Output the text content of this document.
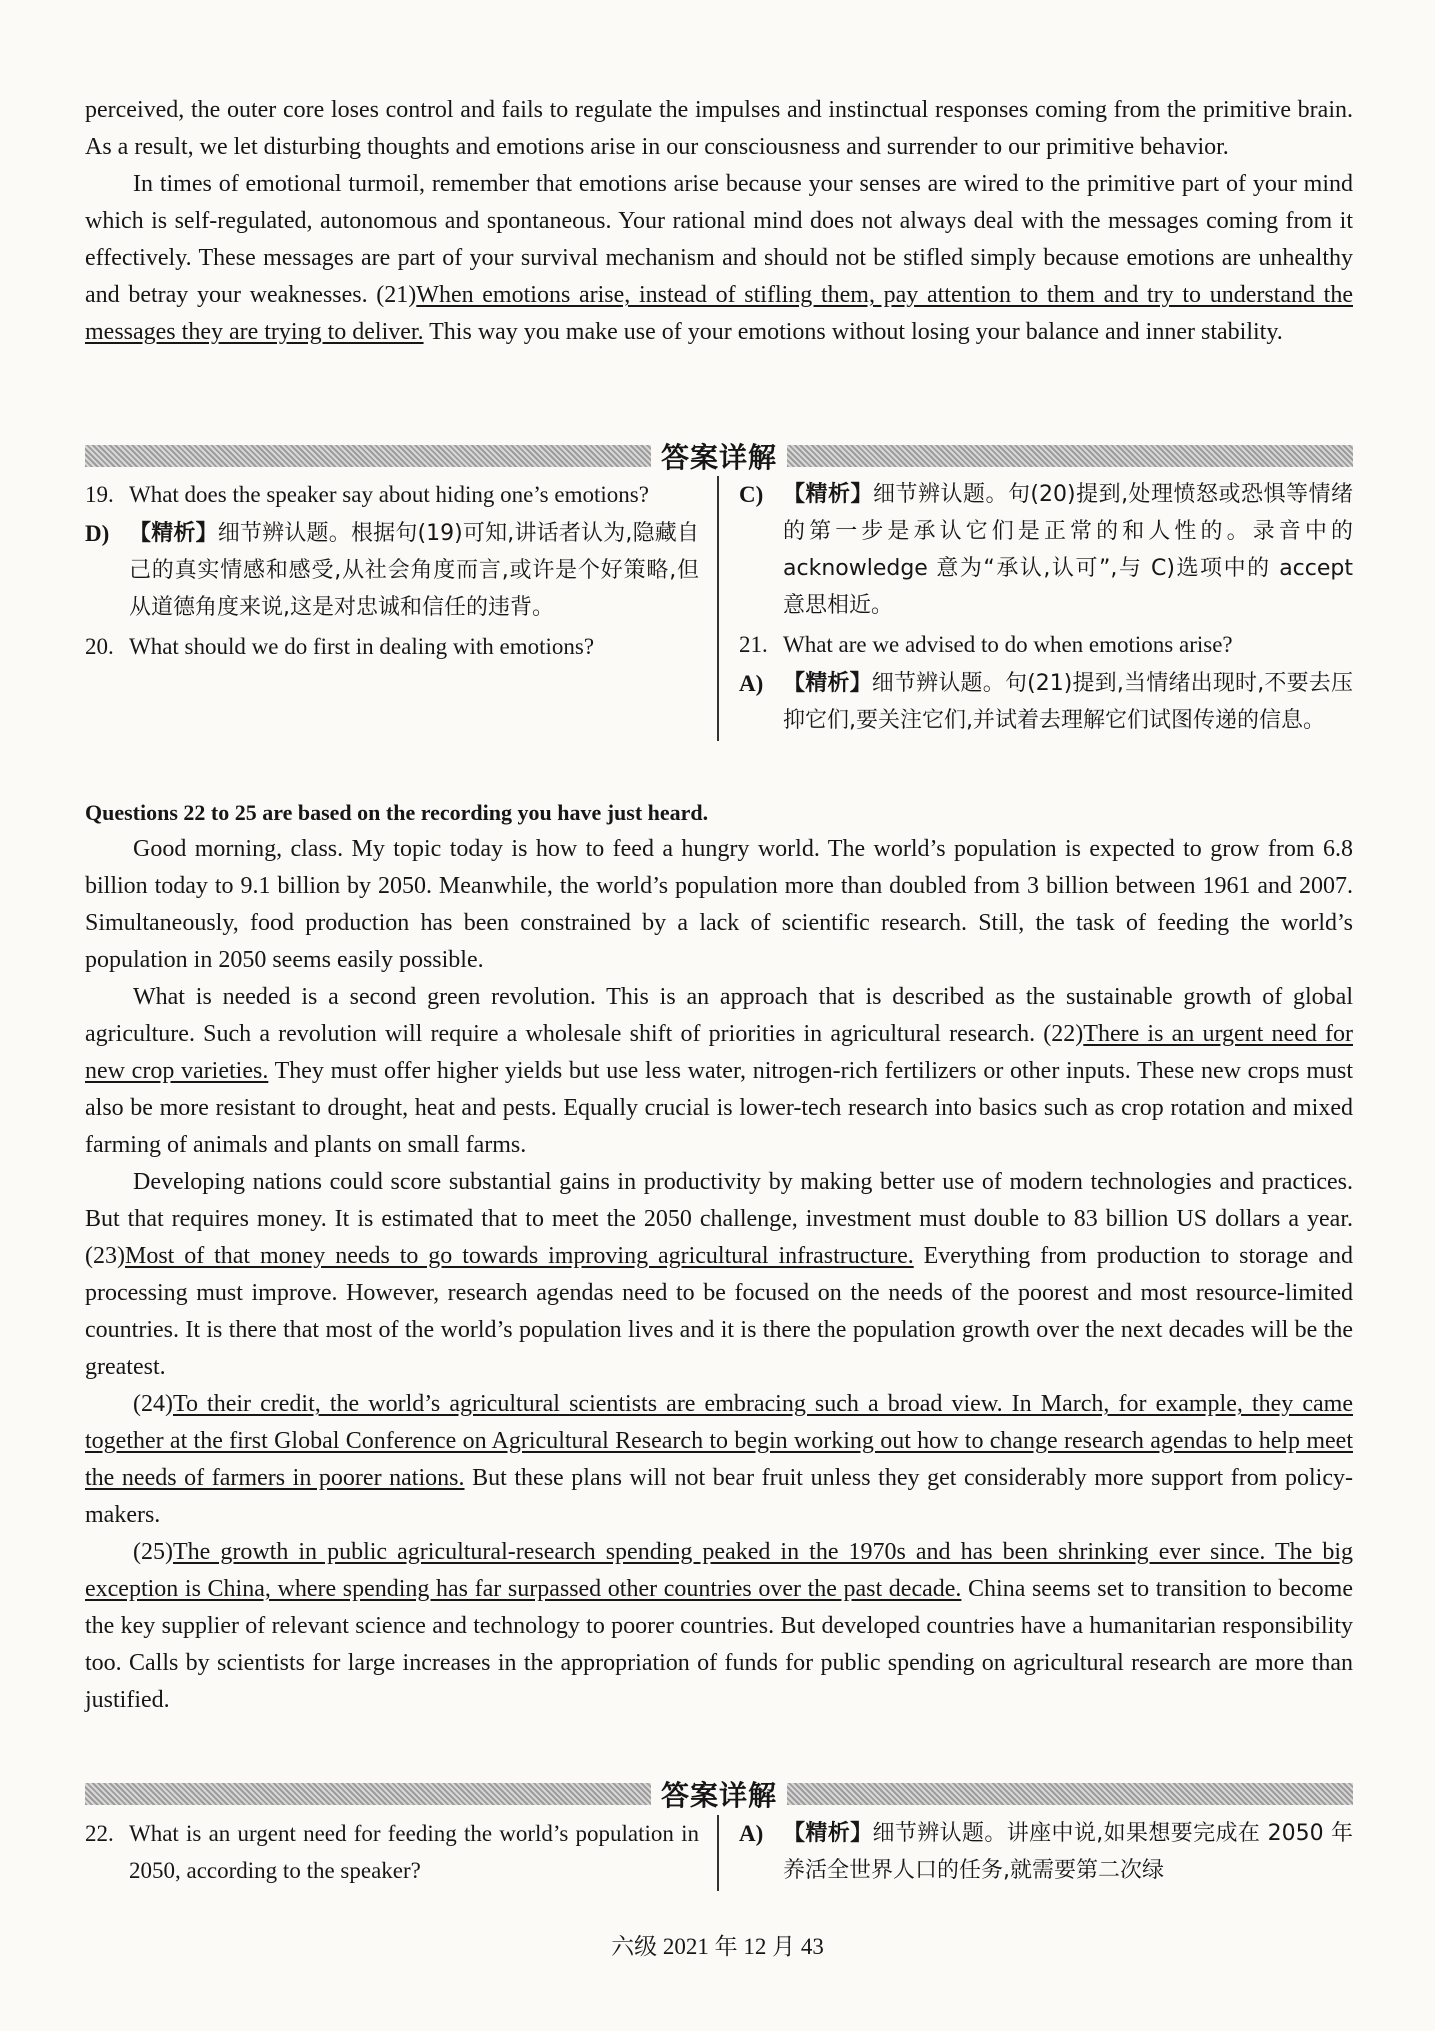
perceived, the outer core loses control and fails to regulate the impulses and instinctual responses coming from the primitive brain. As a result, we let disturbing thoughts and emotions arise in our consciousness and surrender to our primitive behavior.

In times of emotional turmoil, remember that emotions arise because your senses are wired to the primitive part of your mind which is self-regulated, autonomous and spontaneous. Your rational mind does not always deal with the messages coming from it effectively. These messages are part of your survival mechanism and should not be stifled simply because emotions are unhealthy and betray your weaknesses. (21)When emotions arise, instead of stifling them, pay attention to them and try to understand the messages they are trying to deliver. This way you make use of your emotions without losing your balance and inner stability.

答案详解
19. What does the speaker say about hiding one’s emotions?
D) 【精析】细节辨认题。根据句(19)可知,讲话者认为,隐藏自己的真实情感和感受,从社会角度而言,或许是个好策略,但从道德角度来说,这是对忠诚和信任的违背。
20. What should we do first in dealing with emotions?
C) 【精析】细节辨认题。句(20)提到,处理愤怒或恐惧等情绪的第一步是承认它们是正常的和人性的。录音中的 acknowledge 意为“承认,认可”,与 C)选项中的 accept 意思相近。
21. What are we advised to do when emotions arise?
A) 【精析】细节辨认题。句(21)提到,当情绪出现时,不要去压抑它们,要关注它们,并试着去理解它们试图传递的信息。
Questions 22 to 25 are based on the recording you have just heard.

Good morning, class. My topic today is how to feed a hungry world. The world’s population is expected to grow from 6.8 billion today to 9.1 billion by 2050. Meanwhile, the world’s population more than doubled from 3 billion between 1961 and 2007. Simultaneously, food production has been constrained by a lack of scientific research. Still, the task of feeding the world’s population in 2050 seems easily possible.

What is needed is a second green revolution. This is an approach that is described as the sustainable growth of global agriculture. Such a revolution will require a wholesale shift of priorities in agricultural research. (22)There is an urgent need for new crop varieties. They must offer higher yields but use less water, nitrogen-rich fertilizers or other inputs. These new crops must also be more resistant to drought, heat and pests. Equally crucial is lower-tech research into basics such as crop rotation and mixed farming of animals and plants on small farms.

Developing nations could score substantial gains in productivity by making better use of modern technologies and practices. But that requires money. It is estimated that to meet the 2050 challenge, investment must double to 83 billion US dollars a year. (23)Most of that money needs to go towards improving agricultural infrastructure. Everything from production to storage and processing must improve. However, research agendas need to be focused on the needs of the poorest and most resource-limited countries. It is there that most of the world’s population lives and it is there the population growth over the next decades will be the greatest.

(24)To their credit, the world’s agricultural scientists are embracing such a broad view. In March, for example, they came together at the first Global Conference on Agricultural Research to begin working out how to change research agendas to help meet the needs of farmers in poorer nations. But these plans will not bear fruit unless they get considerably more support from policy-makers.

(25)The growth in public agricultural-research spending peaked in the 1970s and has been shrinking ever since. The big exception is China, where spending has far surpassed other countries over the past decade. China seems set to transition to become the key supplier of relevant science and technology to poorer countries. But developed countries have a humanitarian responsibility too. Calls by scientists for large increases in the appropriation of funds for public spending on agricultural research are more than justified.

答案详解
22. What is an urgent need for feeding the world’s population in 2050, according to the speaker?
A) 【精析】细节辨认题。讲座中说,如果想要完成在 2050 年养活全世界人口的任务,就需要第二次绿
六级 2021 年 12 月 43
